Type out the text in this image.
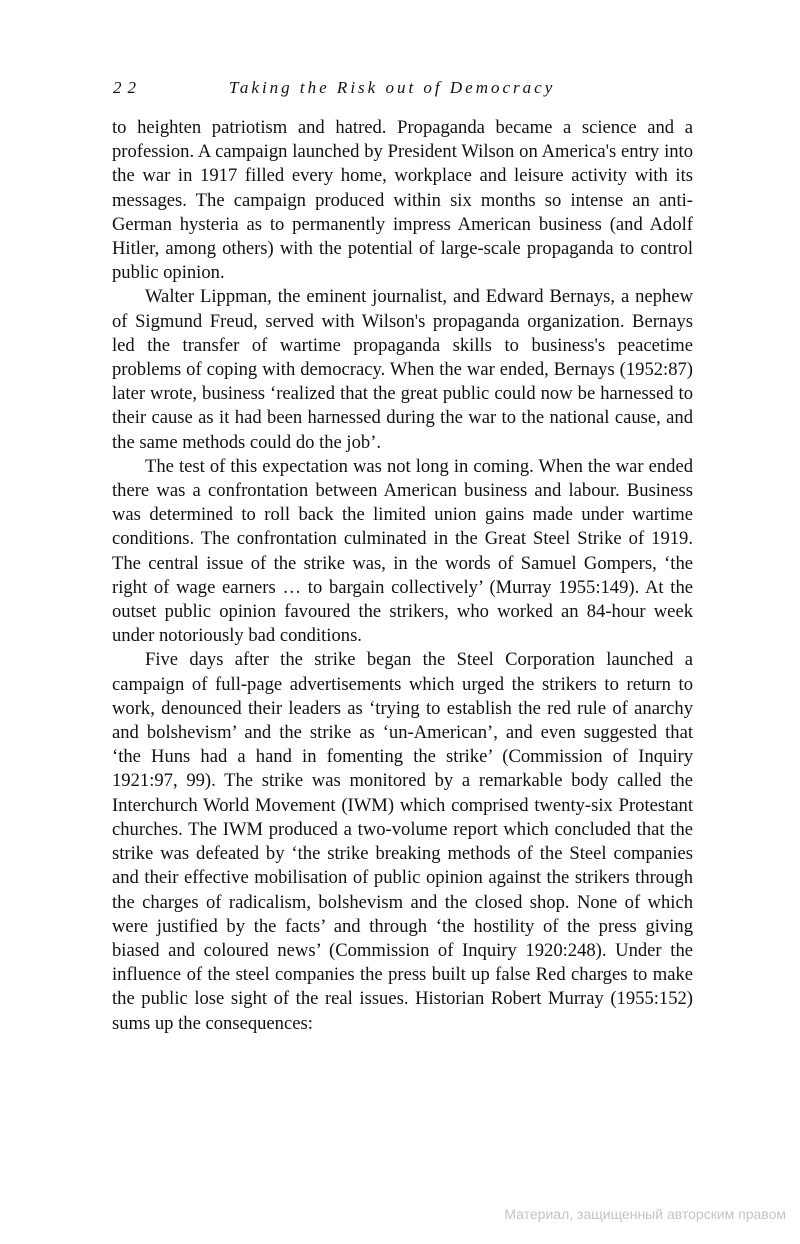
22	Taking the Risk out of Democracy

to heighten patriotism and hatred. Propaganda became a science and a profession. A campaign launched by President Wilson on America's entry into the war in 1917 filled every home, workplace and leisure activity with its messages. The campaign produced within six months so intense an anti-German hysteria as to permanently impress American business (and Adolf Hitler, among others) with the potential of large-scale propaganda to control public opinion.

Walter Lippman, the eminent journalist, and Edward Bernays, a nephew of Sigmund Freud, served with Wilson's propaganda organization. Bernays led the transfer of wartime propaganda skills to business's peacetime problems of coping with democracy. When the war ended, Bernays (1952:87) later wrote, business ‘realized that the great public could now be harnessed to their cause as it had been harnessed during the war to the national cause, and the same methods could do the job’.

The test of this expectation was not long in coming. When the war ended there was a confrontation between American business and labour. Business was determined to roll back the limited union gains made under wartime conditions. The confrontation culminated in the Great Steel Strike of 1919. The central issue of the strike was, in the words of Samuel Gompers, ‘the right of wage earners … to bargain collectively’ (Murray 1955:149). At the outset public opinion favoured the strikers, who worked an 84-hour week under notoriously bad conditions.

Five days after the strike began the Steel Corporation launched a campaign of full-page advertisements which urged the strikers to return to work, denounced their leaders as ‘trying to establish the red rule of anarchy and bolshevism’ and the strike as ‘un-American’, and even suggested that ‘the Huns had a hand in fomenting the strike’ (Commission of Inquiry 1921:97, 99). The strike was monitored by a remarkable body called the Interchurch World Movement (IWM) which comprised twenty-six Protestant churches. The IWM produced a two-volume report which concluded that the strike was defeated by ‘the strike breaking methods of the Steel companies and their effective mobilisation of public opinion against the strikers through the charges of radicalism, bolshevism and the closed shop. None of which were justified by the facts’ and through ‘the hostility of the press giving biased and coloured news’ (Commission of Inquiry 1920:248). Under the influence of the steel companies the press built up false Red charges to make the public lose sight of the real issues. Historian Robert Murray (1955:152) sums up the consequences:

Материал, защищенный авторским правом
